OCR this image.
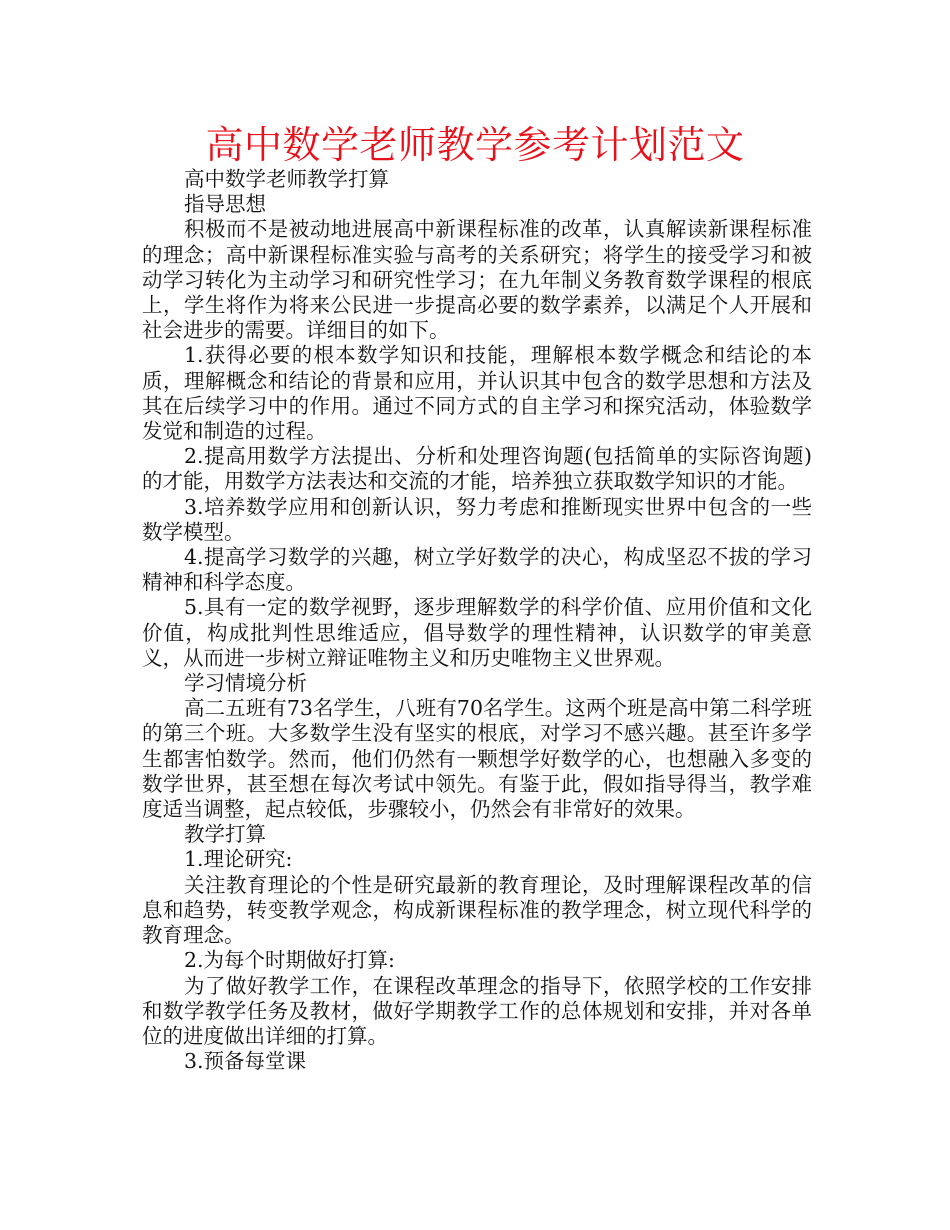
高中数学老师教学参考计划范文

高中数学老师教学打算

指导思想

积极而不是被动地进展高中新课程标准的改革，认真解读新课程标准的理念；高中新课程标准实验与高考的关系研究；将学生的接受学习和被动学习转化为主动学习和研究性学习；在九年制义务教育数学课程的根底上，学生将作为将来公民进一步提高必要的数学素养，以满足个人开展和社会进步的需要。详细目的如下。

1.获得必要的根本数学知识和技能，理解根本数学概念和结论的本质，理解概念和结论的背景和应用，并认识其中包含的数学思想和方法及其在后续学习中的作用。通过不同方式的自主学习和探究活动，体验数学发觉和制造的过程。

2.提高用数学方法提出、分析和处理咨询题(包括简单的实际咨询题)的才能，用数学方法表达和交流的才能，培养独立获取数学知识的才能。

3.培养数学应用和创新认识，努力考虑和推断现实世界中包含的一些数学模型。

4.提高学习数学的兴趣，树立学好数学的决心，构成坚忍不拔的学习精神和科学态度。

5.具有一定的数学视野，逐步理解数学的科学价值、应用价值和文化价值，构成批判性思维适应，倡导数学的理性精神，认识数学的审美意义，从而进一步树立辩证唯物主义和历史唯物主义世界观。

学习情境分析

高二五班有73名学生，八班有70名学生。这两个班是高中第二科学班的第三个班。大多数学生没有坚实的根底，对学习不感兴趣。甚至许多学生都害怕数学。然而，他们仍然有一颗想学好数学的心，也想融入多变的数学世界，甚至想在每次考试中领先。有鉴于此，假如指导得当，教学难度适当调整，起点较低，步骤较小，仍然会有非常好的效果。

教学打算

1.理论研究:

关注教育理论的个性是研究最新的教育理论，及时理解课程改革的信息和趋势，转变教学观念，构成新课程标准的教学理念，树立现代科学的教育理念。

2.为每个时期做好打算:

为了做好教学工作，在课程改革理念的指导下，依照学校的工作安排和数学教学任务及教材，做好学期教学工作的总体规划和安排，并对各单位的进度做出详细的打算。

3.预备每堂课
